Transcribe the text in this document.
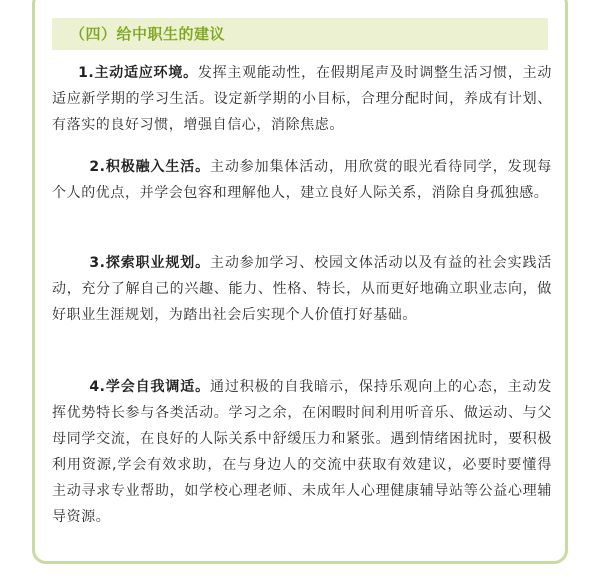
（四）给中职生的建议
1.主动适应环境。发挥主观能动性，在假期尾声及时调整生活习惯，主动适应新学期的学习生活。设定新学期的小目标，合理分配时间，养成有计划、有落实的良好习惯，增强自信心，消除焦虑。
2.积极融入生活。主动参加集体活动，用欣赏的眼光看待同学，发现每个人的优点，并学会包容和理解他人，建立良好人际关系，消除自身孤独感。
3.探索职业规划。主动参加学习、校园文体活动以及有益的社会实践活动，充分了解自己的兴趣、能力、性格、特长，从而更好地确立职业志向，做好职业生涯规划，为踏出社会后实现个人价值打好基础。
4.学会自我调适。通过积极的自我暗示，保持乐观向上的心态，主动发挥优势特长参与各类活动。学习之余，在闲暇时间利用听音乐、做运动、与父母同学交流，在良好的人际关系中舒缓压力和紧张。遇到情绪困扰时，要积极利用资源,学会有效求助，在与身边人的交流中获取有效建议，必要时要懂得主动寻求专业帮助，如学校心理老师、未成年人心理健康辅导站等公益心理辅导资源。
